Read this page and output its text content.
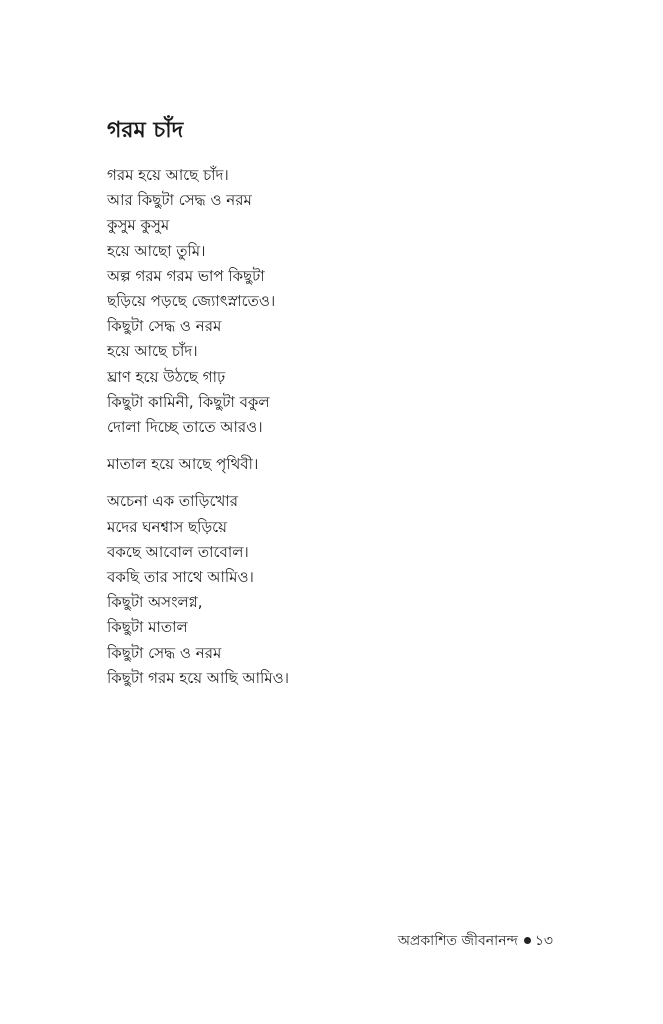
গরম চাঁদ
গরম হয়ে আছে চাঁদ।
আর কিছুটা সেদ্ধ ও নরম
কুসুম কুসুম
হয়ে আছো তুমি।
অল্প গরম গরম ভাপ কিছুটা
ছড়িয়ে পড়ছে জ্যোৎস্নাতেও।
কিছুটা সেদ্ধ ও নরম
হয়ে আছে চাঁদ।
ঘ্রাণ হয়ে উঠছে গাঢ়
কিছুটা কামিনী, কিছুটা বকুল
দোলা দিচ্ছে তাতে আরও।
মাতাল হয়ে আছে পৃথিবী।
অচেনা এক তাড়িখোর
মদের ঘনশ্বাস ছড়িয়ে
বকছে আবোল তাবোল।
বকছি তার সাথে আমিও।
কিছুটা অসংলগ্ন,
কিছুটা মাতাল
কিছুটা সেদ্ধ ও নরম
কিছুটা গরম হয়ে আছি আমিও।
অপ্রকাশিত জীবনানন্দ ১৩
